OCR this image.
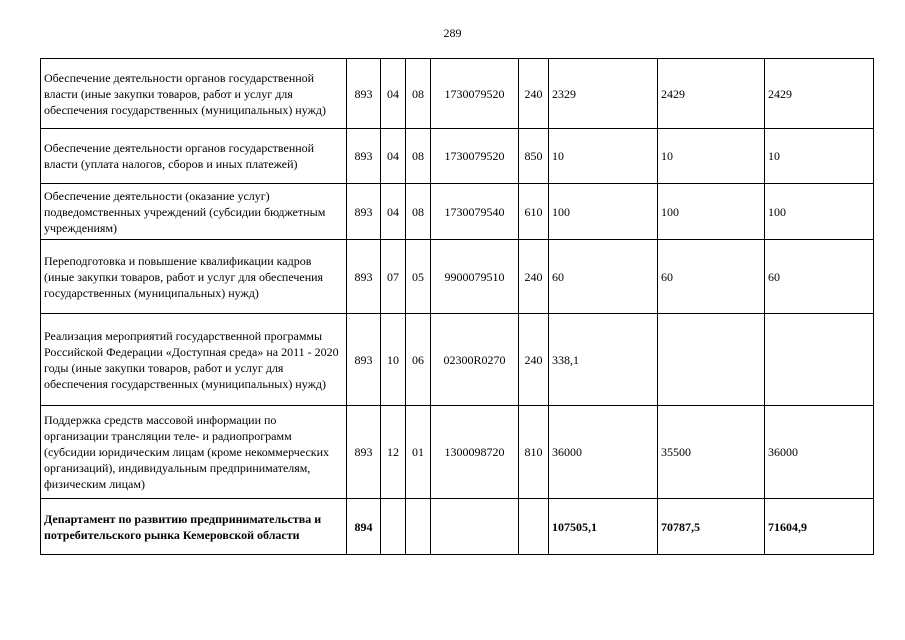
289
Обеспечение деятельности органов государственной власти (иные закупки товаров, работ и услуг для обеспечения государственных (муниципальных) нужд)	893	04	08	1730079520	240	2329	2429	2429
Обеспечение деятельности органов государственной власти (уплата налогов, сборов и иных платежей)	893	04	08	1730079520	850	10	10	10
Обеспечение деятельности (оказание услуг) подведомственных учреждений (субсидии бюджетным учреждениям)	893	04	08	1730079540	610	100	100	100
Переподготовка и повышение квалификации кадров (иные закупки товаров, работ и услуг для обеспечения государственных (муниципальных) нужд)	893	07	05	9900079510	240	60	60	60
Реализация мероприятий государственной программы Российской Федерации «Доступная среда» на 2011 - 2020 годы (иные закупки товаров, работ и услуг для обеспечения государственных (муниципальных) нужд)	893	10	06	02300R0270	240	338,1		
Поддержка средств массовой информации по организации трансляции теле- и радиопрограмм (субсидии юридическим лицам (кроме некоммерческих организаций), индивидуальным предпринимателям, физическим лицам)	893	12	01	1300098720	810	36000	35500	36000
Департамент по развитию предпринимательства и потребительского рынка Кемеровской области	894					107505,1	70787,5	71604,9
